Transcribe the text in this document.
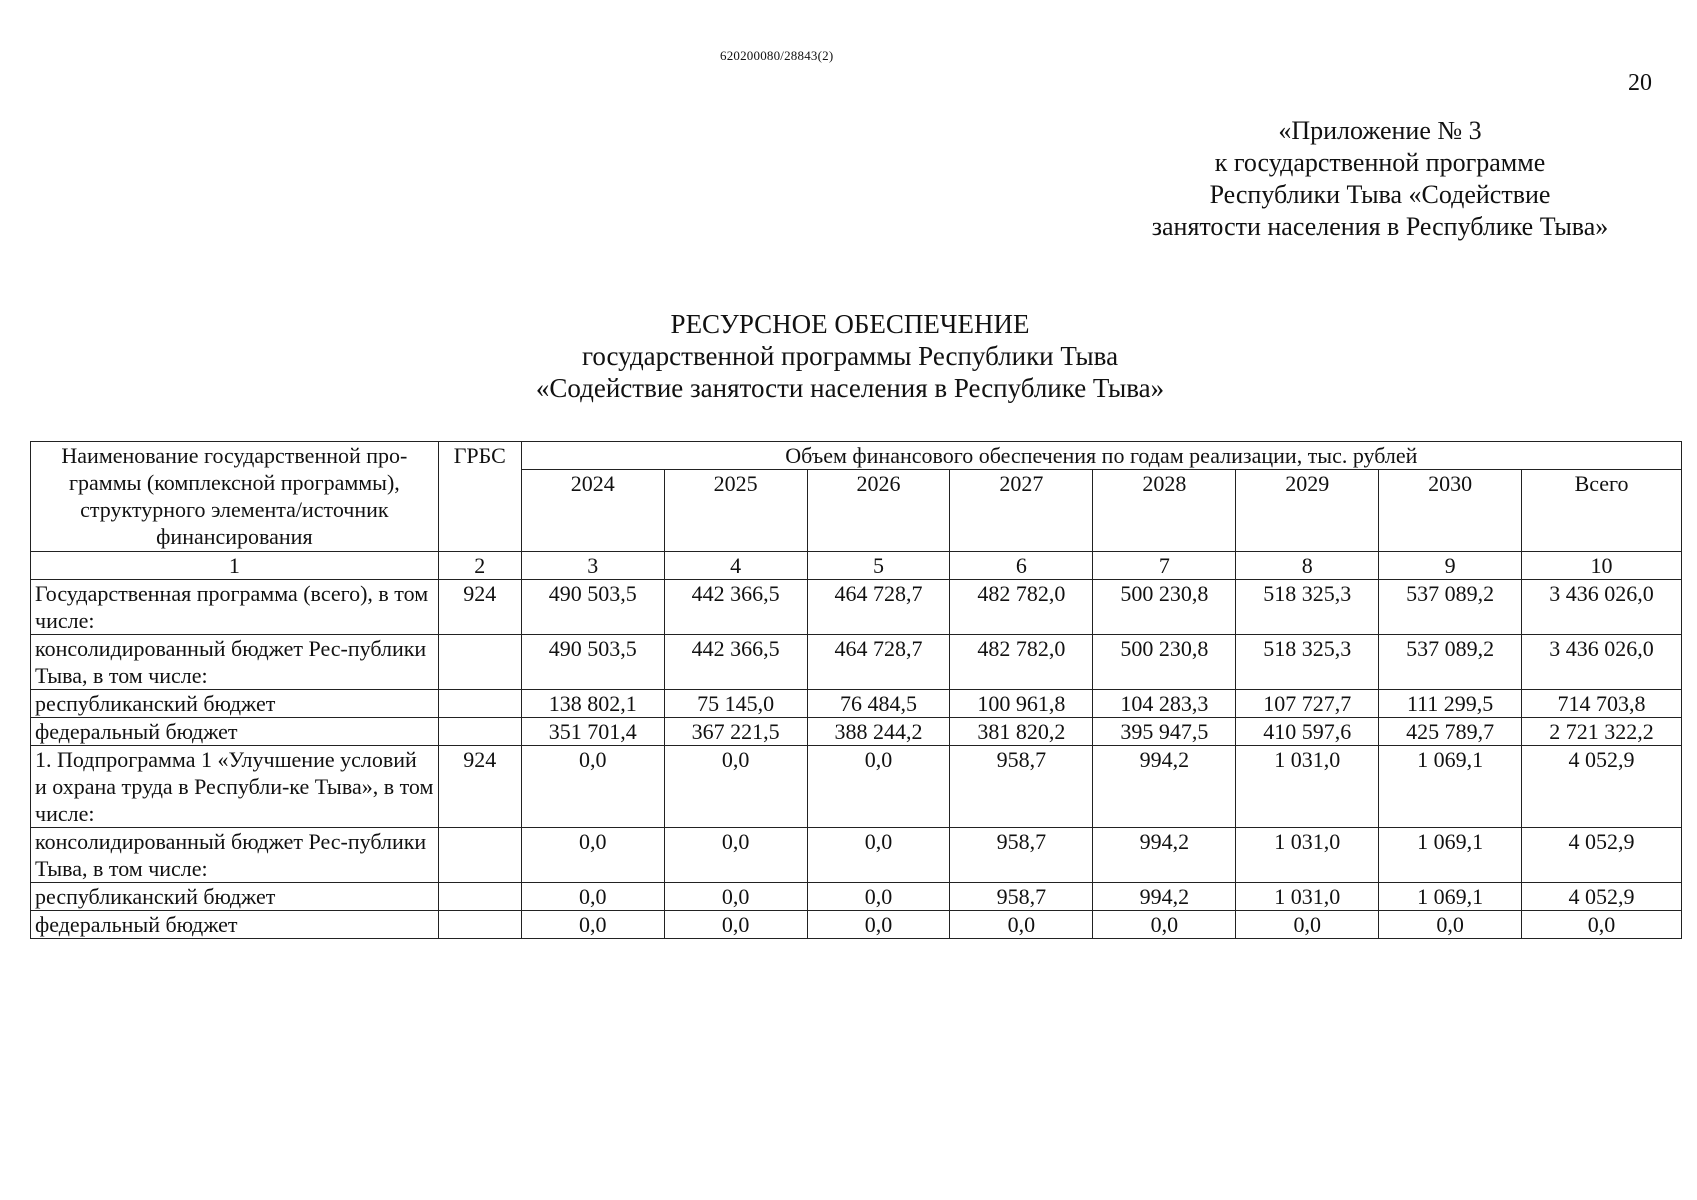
620200080/28843(2)
20
«Приложение № 3
к государственной программе
Республики Тыва «Содействие
занятости населения в Республике Тыва»
РЕСУРСНОЕ ОБЕСПЕЧЕНИЕ
государственной программы Республики Тыва
«Содействие занятости населения в Республике Тыва»
Наименование государственной про-граммы (комплексной программы), структурного элемента/источник финансирования	ГРБС	Объем финансового обеспечения по годам реализации, тыс. рублей							
		2024	2025	2026	2027	2028	2029	2030	Всего
1	2	3	4	5	6	7	8	9	10
Государственная программа (всего), в том числе:	924	490 503,5	442 366,5	464 728,7	482 782,0	500 230,8	518 325,3	537 089,2	3 436 026,0
консолидированный бюджет Рес-публики Тыва, в том числе:		490 503,5	442 366,5	464 728,7	482 782,0	500 230,8	518 325,3	537 089,2	3 436 026,0
республиканский бюджет		138 802,1	75 145,0	76 484,5	100 961,8	104 283,3	107 727,7	111 299,5	714 703,8
федеральный бюджет		351 701,4	367 221,5	388 244,2	381 820,2	395 947,5	410 597,6	425 789,7	2 721 322,2
1. Подпрограмма 1 «Улучшение условий и охрана труда в Республи-ке Тыва», в том числе:	924	0,0	0,0	0,0	958,7	994,2	1 031,0	1 069,1	4 052,9
консолидированный бюджет Рес-публики Тыва, в том числе:		0,0	0,0	0,0	958,7	994,2	1 031,0	1 069,1	4 052,9
республиканский бюджет		0,0	0,0	0,0	958,7	994,2	1 031,0	1 069,1	4 052,9
федеральный бюджет		0,0	0,0	0,0	0,0	0,0	0,0	0,0	0,0
